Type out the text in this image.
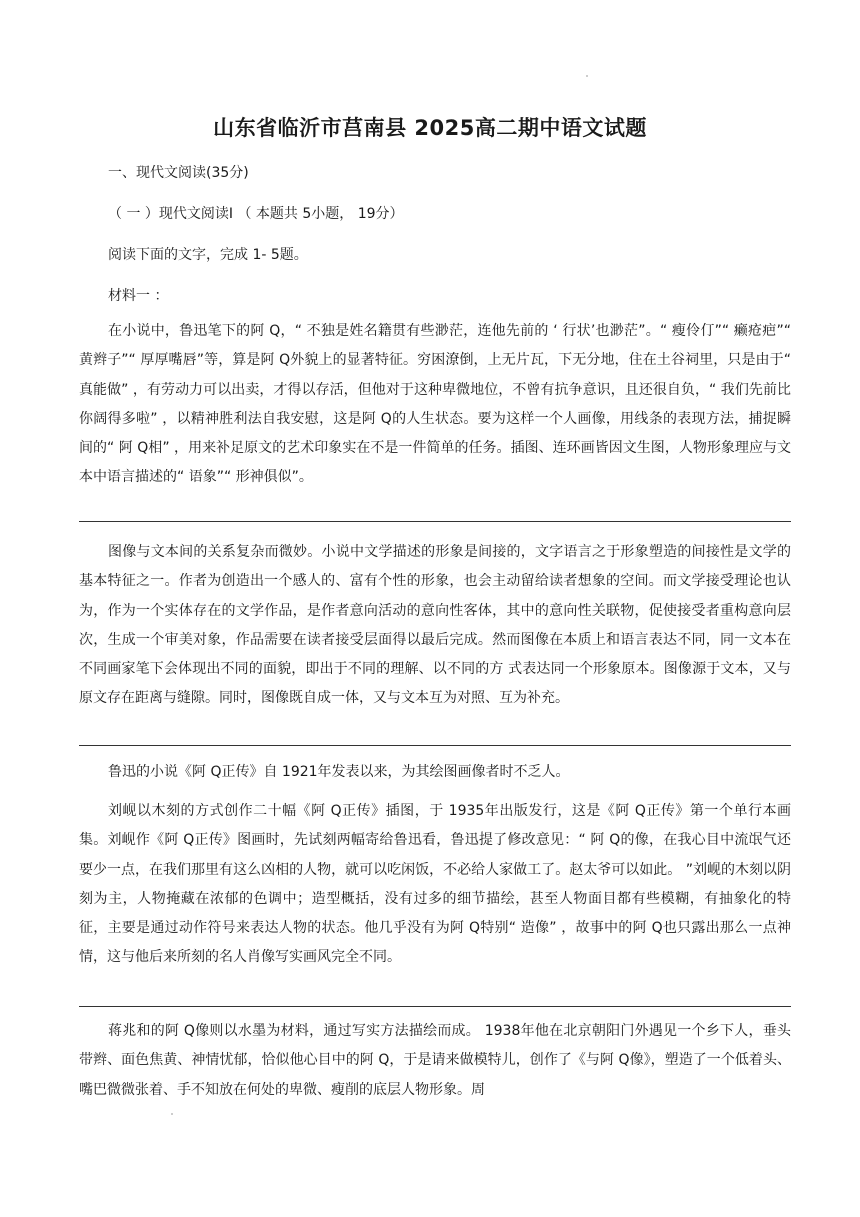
山东省临沂市莒南县 2025高二期中语文试题
一、现代文阅读(35分)
（ 一 ）现代文阅读Ⅰ （ 本题共 5小题， 19分）
阅读下面的文字，完成 1- 5题。
材料一 ：

在小说中，鲁迅笔下的阿 Q，“ 不独是姓名籍贯有些渺茫，连他先前的 ‘ 行状’也渺茫”。“ 瘦伶仃”“ 癞疮疤”“ 黄辫子”“ 厚厚嘴唇”等，算是阿 Q外貌上的显著特征。穷困潦倒，上无片瓦，下无分地，住在土谷祠里，只是由于“ 真能做” ，有劳动力可以出卖，才得以存活，但他对于这种卑微地位，不曾有抗争意识，且还很自负，“ 我们先前比你阔得多啦” ，以精神胜利法自我安慰，这是阿 Q的人生状态。要为这样一个人画像，用线条的表现方法，捕捉瞬间的“ 阿 Q相” ，用来补足原文的艺术印象实在不是一件简单的任务。插图、连环画皆因文生图，人物形象理应与文本中语言描述的“ 语象”“ 形神俱似”。

图像与文本间的关系复杂而微妙。小说中文学描述的形象是间接的，文字语言之于形象塑造的间接性是文学的基本特征之一。作者为创造出一个感人的、富有个性的形象，也会主动留给读者想象的空间。而文学接受理论也认为，作为一个实体存在的文学作品，是作者意向活动的意向性客体，其中的意向性关联物，促使接受者重构意向层次，生成一个审美对象，作品需要在读者接受层面得以最后完成。然而图像在本质上和语言表达不同，同一文本在不同画家笔下会体现出不同的面貌，即出于不同的理解、以不同的方 式表达同一个形象原本。图像源于文本，又与原文存在距离与缝隙。同时，图像既自成一体，又与文本互为对照、互为补充。

鲁迅的小说《阿 Q正传》自 1921年发表以来，为其绘图画像者时不乏人。

刘岘以木刻的方式创作二十幅《阿 Q正传》插图，于 1935年出版发行，这是《阿 Q正传》第一个单行本画集。刘岘作《阿 Q正传》图画时，先试刻两幅寄给鲁迅看，鲁迅提了修改意见：“ 阿 Q的像，在我心目中流氓气还要少一点，在我们那里有这么凶相的人物，就可以吃闲饭，不必给人家做工了。赵太爷可以如此。 ”刘岘的木刻以阴刻为主，人物掩藏在浓郁的色调中；造型概括，没有过多的细节描绘，甚至人物面目都有些模糊，有抽象化的特征，主要是通过动作符号来表达人物的状态。他几乎没有为阿 Q特别“ 造像” ，故事中的阿 Q也只露出那么一点神情，这与他后来所刻的名人肖像写实画风完全不同。

蒋兆和的阿 Q像则以水墨为材料，通过写实方法描绘而成。 1938年他在北京朝阳门外遇见一个乡下人，垂头带辫、面色焦黄、神情忧郁，恰似他心目中的阿 Q，于是请来做模特儿，创作了《与阿 Q像》，塑造了一个低着头、嘴巴微微张着、手不知放在何处的卑微、瘦削的底层人物形象。周
